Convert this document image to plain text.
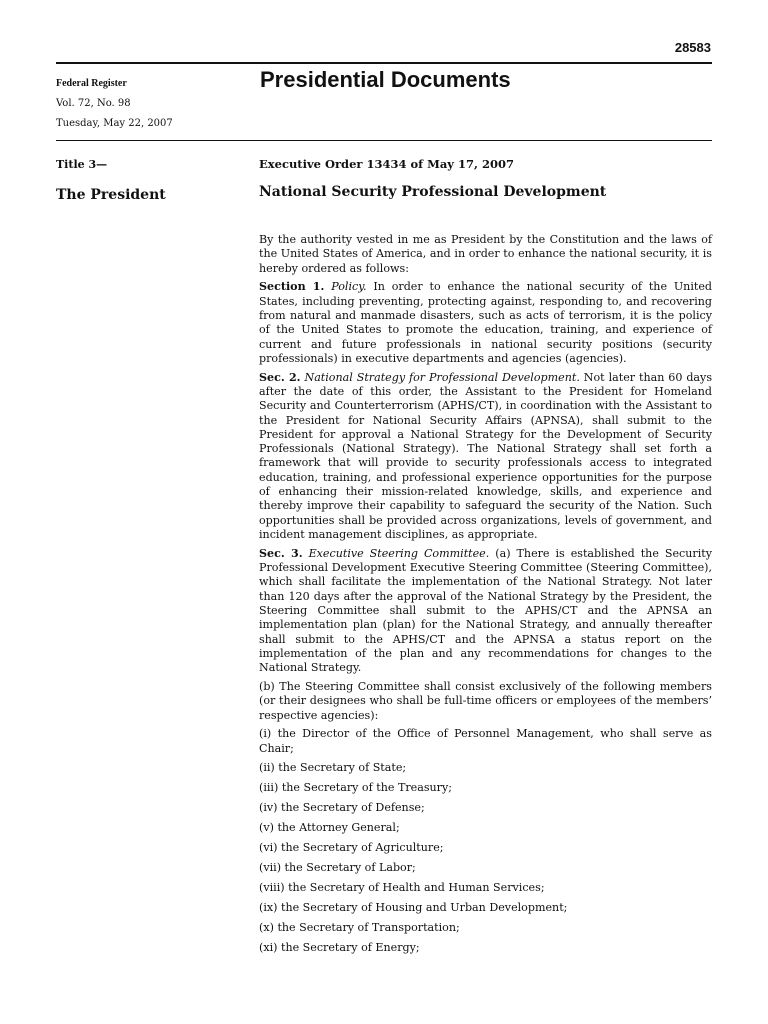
28583
Federal Register
Vol. 72, No. 98
Tuesday, May 22, 2007
Presidential Documents
Title 3—
The President
Executive Order 13434 of May 17, 2007
National Security Professional Development

By the authority vested in me as President by the Constitution and the laws of the United States of America, and in order to enhance the national security, it is hereby ordered as follows:

Section 1. Policy. In order to enhance the national security of the United States, including preventing, protecting against, responding to, and recovering from natural and manmade disasters, such as acts of terrorism, it is the policy of the United States to promote the education, training, and experience of current and future professionals in national security positions (security professionals) in executive departments and agencies (agencies).

Sec. 2. National Strategy for Professional Development. Not later than 60 days after the date of this order, the Assistant to the President for Homeland Security and Counterterrorism (APHS/CT), in coordination with the Assistant to the President for National Security Affairs (APNSA), shall submit to the President for approval a National Strategy for the Development of Security Professionals (National Strategy). The National Strategy shall set forth a framework that will provide to security professionals access to integrated education, training, and professional experience opportunities for the purpose of enhancing their mission-related knowledge, skills, and experience and thereby improve their capability to safeguard the security of the Nation. Such opportunities shall be provided across organizations, levels of government, and incident management disciplines, as appropriate.

Sec. 3. Executive Steering Committee. (a) There is established the Security Professional Development Executive Steering Committee (Steering Committee), which shall facilitate the implementation of the National Strategy. Not later than 120 days after the approval of the National Strategy by the President, the Steering Committee shall submit to the APHS/CT and the APNSA an implementation plan (plan) for the National Strategy, and annually thereafter shall submit to the APHS/CT and the APNSA a status report on the implementation of the plan and any recommendations for changes to the National Strategy.

(b) The Steering Committee shall consist exclusively of the following members (or their designees who shall be full-time officers or employees of the members’ respective agencies):

(i) the Director of the Office of Personnel Management, who shall serve as Chair;

(ii) the Secretary of State;

(iii) the Secretary of the Treasury;

(iv) the Secretary of Defense;

(v) the Attorney General;

(vi) the Secretary of Agriculture;

(vii) the Secretary of Labor;

(viii) the Secretary of Health and Human Services;

(ix) the Secretary of Housing and Urban Development;

(x) the Secretary of Transportation;

(xi) the Secretary of Energy;
